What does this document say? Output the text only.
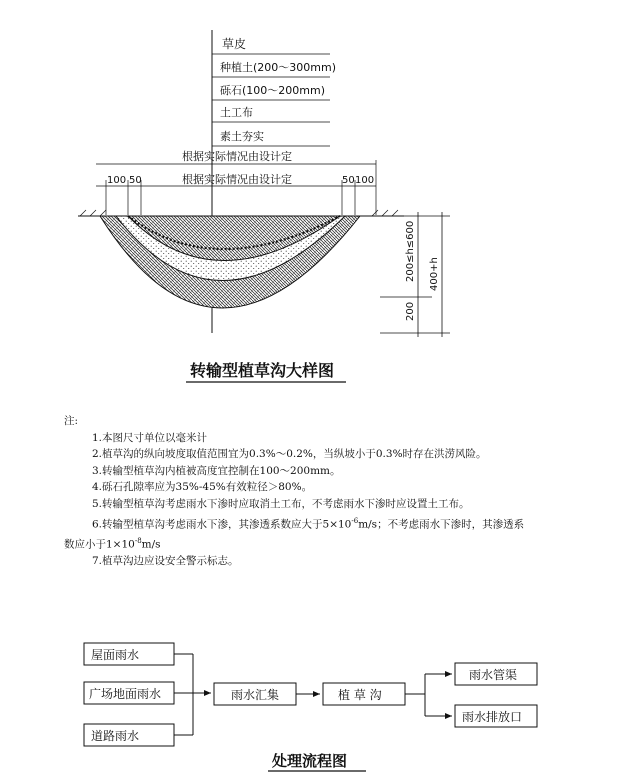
草皮
种植土(200～300mm)
砾石(100～200mm)
土工布
素土夯实
根据实际情况由设计定
根据实际情况由设计定
100 50	50 100
200≤h≤600 400+h
200
转输型植草沟大样图
屋面雨水
广场地面雨水
道路雨水
雨水汇集	植 草 沟
雨水管渠
雨水排放口
处理流程图
注:
1.本图尺寸单位以毫米计
2.植草沟的纵向坡度取值范围宜为0.3%～0.2%，当纵坡小于0.3%时存在洪涝风险。
3.转输型植草沟内植被高度宜控制在100～200mm。
4.砾石孔隙率应为35%-45%有效粒径＞80%。
5.转输型植草沟考虑雨水下渗时应取消土工布，不考虑雨水下渗时应设置土工布。
6.转输型植草沟考虑雨水下渗，其渗透系数应大于$5\times 10^{-6}m/s$；不考虑雨水下渗时，其渗透系数应小于$1\times 10^{-8}m/s$
7.植草沟边应设安全警示标志。
